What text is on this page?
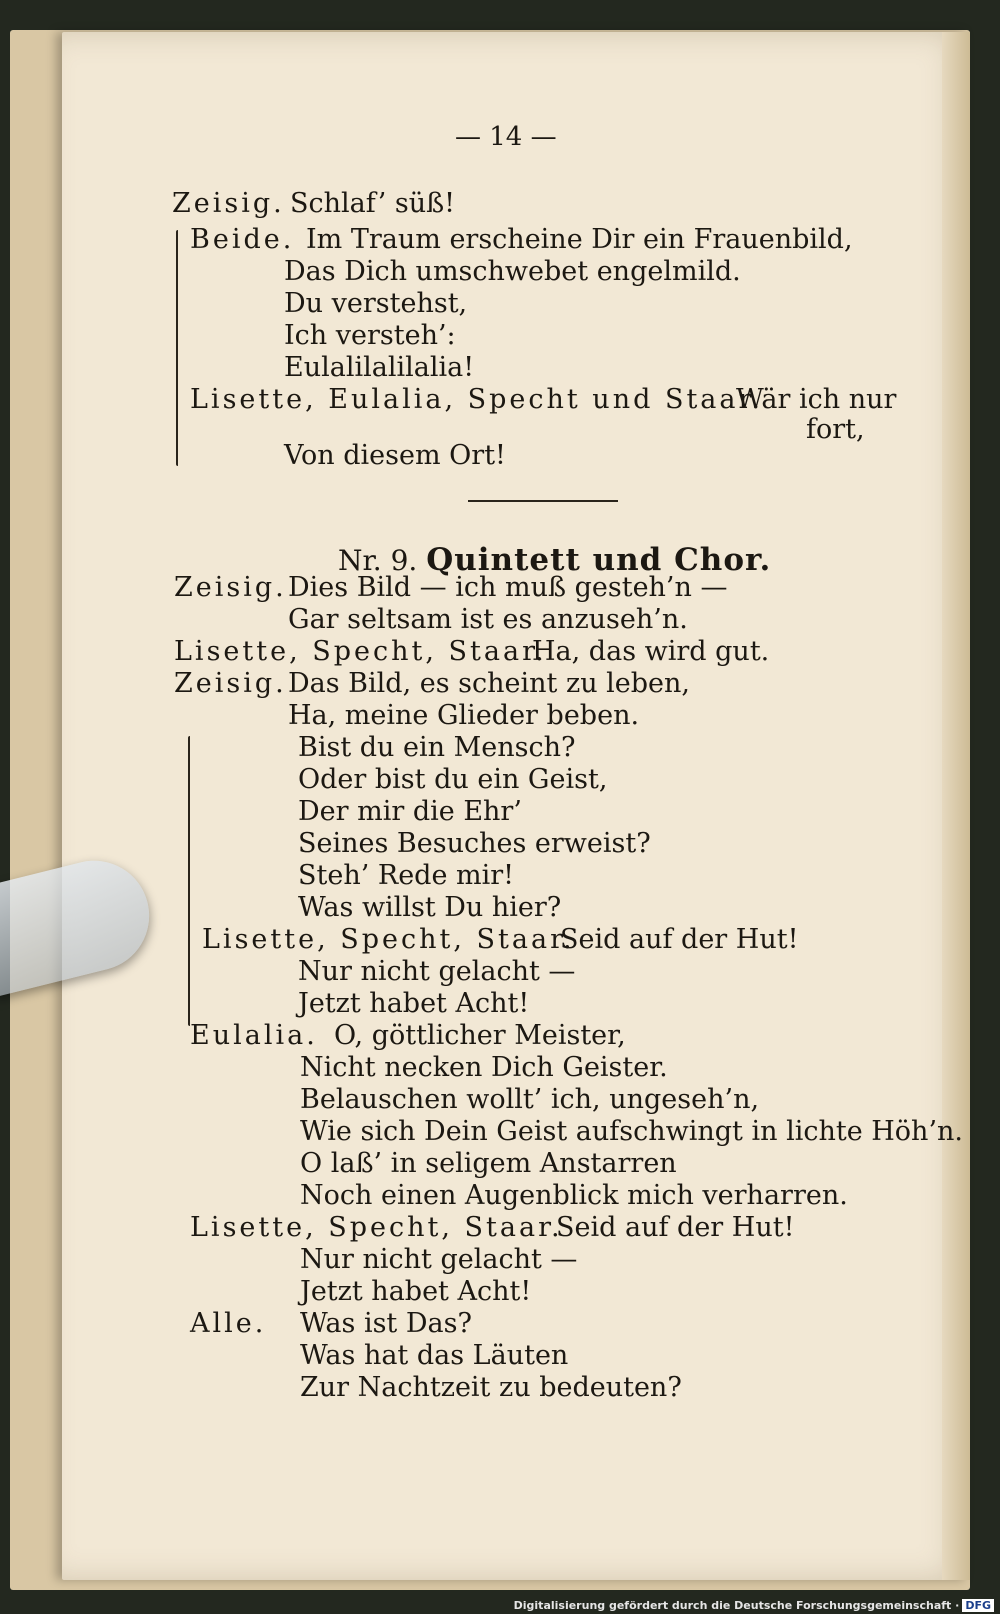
— 14 —
Zeisig. Schlaf’ süß!
Beide. Im Traum erscheine Dir ein Frauenbild,
Das Dich umschwebet engelmild.
Du verstehst,
Ich versteh’:
Eulalilalilalia!
Lisette, Eulalia, Specht und Staar.
Wär ich nur
fort,
Von diesem Ort!
Nr. 9. Quintett und Chor.
Zeisig. Dies Bild — ich muß gesteh’n —
Gar seltsam ist es anzuseh’n.
Lisette, Specht, Staar.
Ha, das wird gut.
Zeisig. Das Bild, es scheint zu leben,
Ha, meine Glieder beben.
Bist du ein Mensch?
Oder bist du ein Geist,
Der mir die Ehr’
Seines Besuches erweist?
Steh’ Rede mir!
Was willst Du hier?
Lisette, Specht, Staar.
Seid auf der Hut!
Nur nicht gelacht —
Jetzt habet Acht!
Eulalia. O, göttlicher Meister,
Nicht necken Dich Geister.
Belauschen wollt’ ich, ungeseh’n,
Wie sich Dein Geist aufschwingt in lichte Höh’n.
O laß’ in seligem Anstarren
Noch einen Augenblick mich verharren.
Lisette, Specht, Staar.
Seid auf der Hut!
Nur nicht gelacht —
Jetzt habet Acht!
Alle. Was ist Das?
Was hat das Läuten
Zur Nachtzeit zu bedeuten?
Digitalisierung gefördert durch die Deutsche Forschungsgemeinschaft · DFG
